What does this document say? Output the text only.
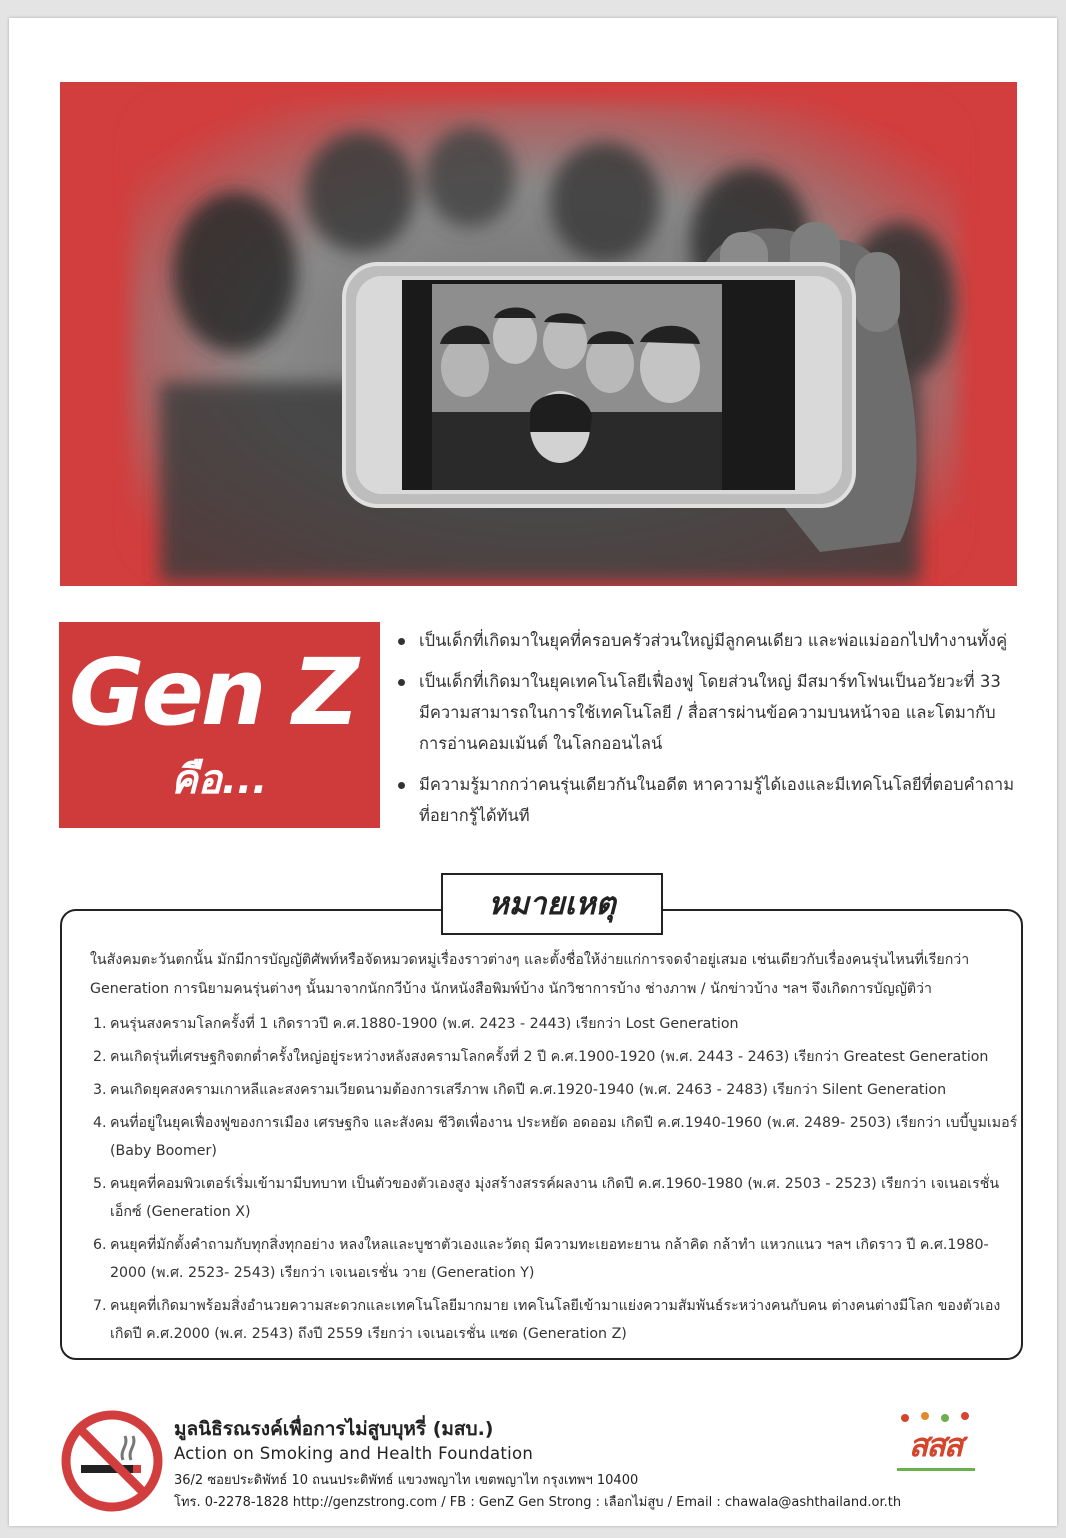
Gen Z
คือ...
เป็นเด็กที่เกิดมาในยุคที่ครอบครัวส่วนใหญ่มีลูกคนเดียว และพ่อแม่ออกไปทำงานทั้งคู่
เป็นเด็กที่เกิดมาในยุคเทคโนโลยีเฟื่องฟู โดยส่วนใหญ่ มีสมาร์ทโฟนเป็นอวัยวะที่ 33 มีความสามารถในการใช้เทคโนโลยี / สื่อสารผ่านข้อความบนหน้าจอ และโตมากับการอ่านคอมเม้นต์ ในโลกออนไลน์
มีความรู้มากกว่าคนรุ่นเดียวกันในอดีต หาความรู้ได้เองและมีเทคโนโลยีที่ตอบคำถามที่อยากรู้ได้ทันที
หมายเหตุ
ในสังคมตะวันตกนั้น มักมีการบัญญัติศัพท์หรือจัดหมวดหมู่เรื่องราวต่างๆ และตั้งชื่อให้ง่ายแก่การจดจำอยู่เสมอ เช่นเดียวกับเรื่องคนรุ่นไหนที่เรียกว่า Generation การนิยามคนรุ่นต่างๆ นั้นมาจากนักกวีบ้าง นักหนังสือพิมพ์บ้าง นักวิชาการบ้าง ช่างภาพ / นักข่าวบ้าง ฯลฯ จึงเกิดการบัญญัติว่า
1. คนรุ่นสงครามโลกครั้งที่ 1 เกิดราวปี ค.ศ.1880-1900 (พ.ศ. 2423 - 2443) เรียกว่า Lost Generation
2. คนเกิดรุ่นที่เศรษฐกิจตกต่ำครั้งใหญ่อยู่ระหว่างหลังสงครามโลกครั้งที่ 2 ปี ค.ศ.1900-1920 (พ.ศ. 2443 - 2463) เรียกว่า Greatest Generation
3. คนเกิดยุคสงครามเกาหลีและสงครามเวียดนามต้องการเสรีภาพ เกิดปี ค.ศ.1920-1940 (พ.ศ. 2463 - 2483) เรียกว่า Silent Generation
4. คนที่อยู่ในยุคเฟื่องฟูของการเมือง เศรษฐกิจ และสังคม ชีวิตเพื่องาน ประหยัด อดออม เกิดปี ค.ศ.1940-1960 (พ.ศ. 2489- 2503) เรียกว่า เบบี้บูมเมอร์ (Baby Boomer)
5. คนยุคที่คอมพิวเตอร์เริ่มเข้ามามีบทบาท เป็นตัวของตัวเองสูง มุ่งสร้างสรรค์ผลงาน เกิดปี ค.ศ.1960-1980 (พ.ศ. 2503 - 2523) เรียกว่า เจเนอเรชั่น เอ็กซ์ (Generation X)
6. คนยุคที่มักตั้งคำถามกับทุกสิ่งทุกอย่าง หลงใหลและบูชาตัวเองและวัตถุ มีความทะเยอทะยาน กล้าคิด กล้าทำ แหวกแนว ฯลฯ เกิดราว ปี ค.ศ.1980-2000 (พ.ศ. 2523- 2543) เรียกว่า เจเนอเรชั่น วาย (Generation Y)
7. คนยุคที่เกิดมาพร้อมสิ่งอำนวยความสะดวกและเทคโนโลยีมากมาย เทคโนโลยีเข้ามาแย่งความสัมพันธ์ระหว่างคนกับคน ต่างคนต่างมีโลก ของตัวเอง เกิดปี ค.ศ.2000 (พ.ศ. 2543) ถึงปี 2559 เรียกว่า เจเนอเรชั่น แซด (Generation Z)
มูลนิธิรณรงค์เพื่อการไม่สูบบุหรี่ (มสบ.)
Action on Smoking and Health Foundation
36/2 ซอยประดิพัทธ์ 10 ถนนประดิพัทธ์ แขวงพญาไท เขตพญาไท กรุงเทพฯ 10400
โทร. 0-2278-1828 http://genzstrong.com / FB : GenZ Gen Strong : เลือกไม่สูบ / Email : chawala@ashthailand.or.th
สสส
